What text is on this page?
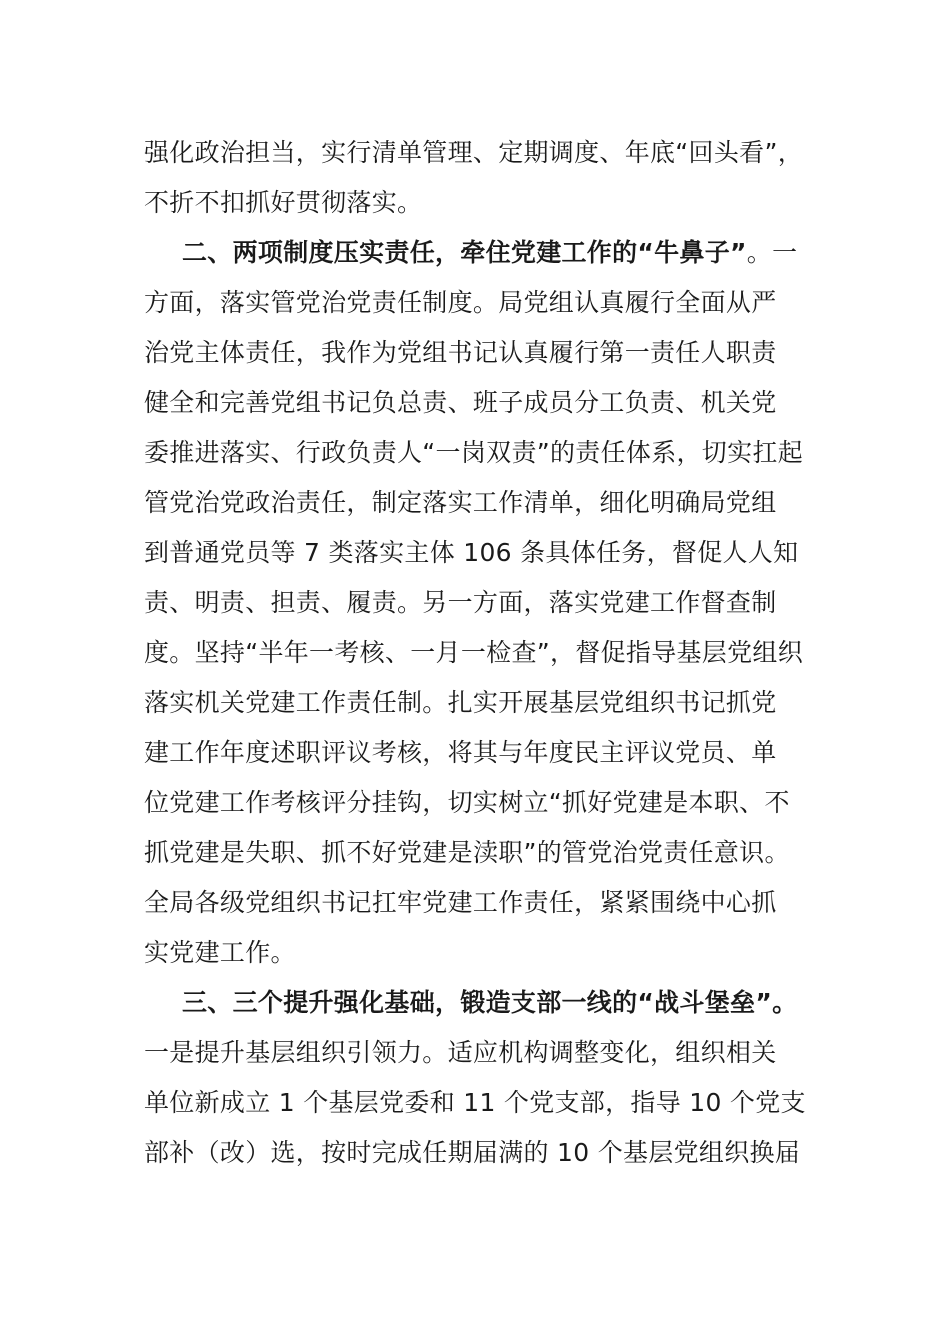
强化政治担当，实行清单管理、定期调度、年底“回头看”，
不折不扣抓好贯彻落实。

二、两项制度压实责任，牵住党建工作的“牛鼻子”。一
方面，落实管党治党责任制度。局党组认真履行全面从严
治党主体责任，我作为党组书记认真履行第一责任人职责
健全和完善党组书记负总责、班子成员分工负责、机关党
委推进落实、行政负责人“一岗双责”的责任体系，切实扛起
管党治党政治责任，制定落实工作清单，细化明确局党组
到普通党员等 7 类落实主体 106 条具体任务，督促人人知
责、明责、担责、履责。另一方面，落实党建工作督查制
度。坚持“半年一考核、一月一检查”，督促指导基层党组织
落实机关党建工作责任制。扎实开展基层党组织书记抓党
建工作年度述职评议考核，将其与年度民主评议党员、单
位党建工作考核评分挂钩，切实树立“抓好党建是本职、不
抓党建是失职、抓不好党建是渎职”的管党治党责任意识。
全局各级党组织书记扛牢党建工作责任，紧紧围绕中心抓
实党建工作。

三、三个提升强化基础，锻造支部一线的“战斗堡垒”。
一是提升基层组织引领力。适应机构调整变化，组织相关
单位新成立 1 个基层党委和 11 个党支部，指导 10 个党支
部补（改）选，按时完成任期届满的 10 个基层党组织换届
